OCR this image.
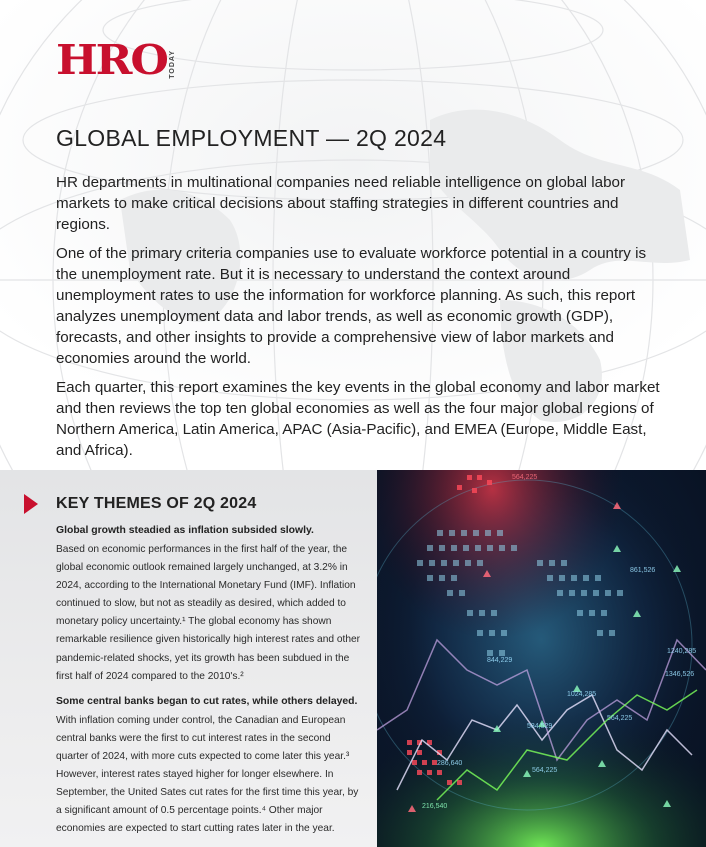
HRO TODAY
GLOBAL EMPLOYMENT — 2Q 2024

HR departments in multinational companies need reliable intelligence on global labor markets to make critical decisions about staffing strategies in different countries and regions.

One of the primary criteria companies use to evaluate workforce potential in a country is the unemployment rate. But it is necessary to understand the context around unemployment rates to use the information for workforce planning. As such, this report analyzes unemployment data and labor trends, as well as economic growth (GDP), forecasts, and other insights to provide a comprehensive view of labor markets and economies around the world.

Each quarter, this report examines the key events in the global economy and labor market and then reviews the top ten global economies as well as the four major global regions of Northern America, Latin America, APAC (Asia-Pacific), and EMEA (Europe, Middle East, and Africa).

KEY THEMES OF 2Q 2024
Global growth steadied as inflation subsided slowly.

Based on economic performances in the first half of the year, the global economic outlook remained largely unchanged, at 3.2% in 2024, according to the International Monetary Fund (IMF). Inflation continued to slow, but not as steadily as desired, which added to monetary policy uncertainty.¹ The global economy has shown remarkable resilience given historically high interest rates and other pandemic-related shocks, yet its growth has been subdued in the first half of 2024 compared to the 2010's.²

Some central banks began to cut rates, while others delayed.

With inflation coming under control, the Canadian and European central banks were the first to cut interest rates in the second quarter of 2024, with more cuts expected to come later this year.³ However, interest rates stayed higher for longer elsewhere. In September, the United Sates cut rates for the first time this year, by a significant amount of 0.5 percentage points.⁴ Other major economies are expected to start cutting rates later in the year.

564,225
861,526
1024,285
1240,285
844,229
584,529
1346,526
216,540
286,640
564,225
564,225
